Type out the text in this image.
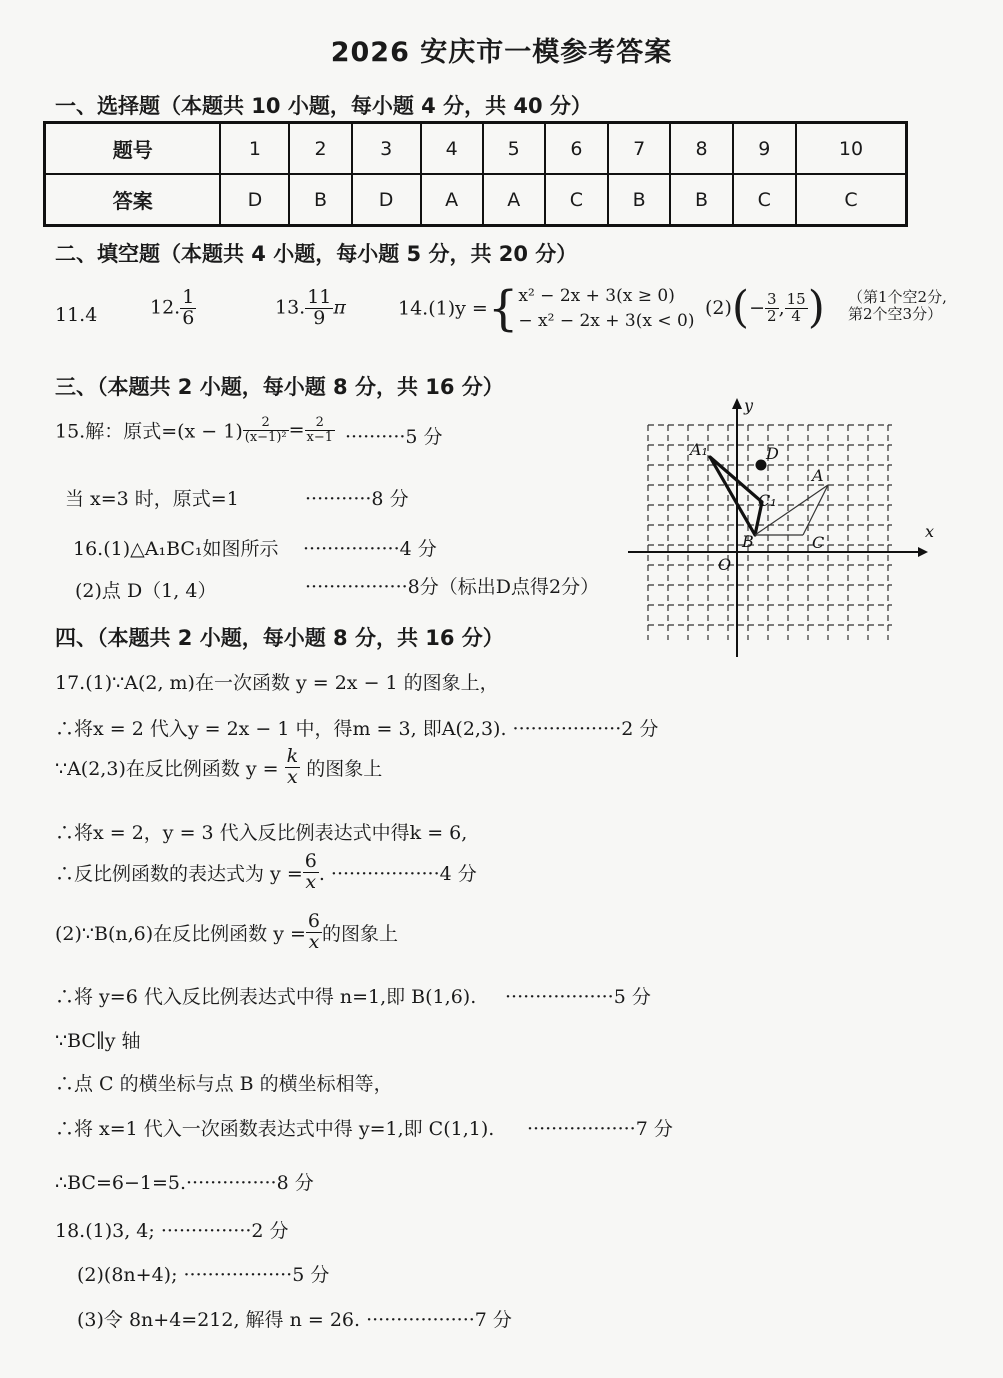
2026 安庆市一模参考答案
一、选择题（本题共 10 小题，每小题 4 分，共 40 分）
题号	1	2	3	4	5	6	7	8	9	10
答案	D	B	D	A	A	C	B	B	C	C
二、填空题（本题共 4 小题，每小题 5 分，共 20 分）
11.4	12. $\frac{1}{6}$	13. $\frac{11}{9}$ π	14.(1)y ={ x² − 2x + 3(x ≥ 0)
− x² − 2x + 3(x < 0)
$(2)(- \frac{3}{2}$ , $\frac{15}{4}$ ) （第1个空2分,
第2个空3分）
三、（本题共 2 小题，每小题 8 分，共 16 分）
15.解：原式$=(x - 1) \frac{2}{\text{(x−1)²}} = \frac{2}{x-1} \cdot\cdot\cdot\cdot\cdot\cdot\cdot\cdot\cdot\cdot 5$ 分
当 x=3 时，原式=1	···········8 分
16.(1)△A₁BC₁如图所示 ················4 分
(2)点 D（1, 4）	·················8分（标出D点得2分）
x
y
O
A₁	D
C₁
A
B	C
四、（本题共 2 小题，每小题 8 分，共 16 分）
17.(1)∵A(2, m)在一次函数 y = 2x − 1 的图象上，
∴将x = 2 代入y = 2x − 1 中，得m = 3, 即A(2,3). ··················2 分
∵A(2,3)在反比例函数 $y = \frac{k}{x}$ 的图象上
∴将x = 2，y = 3 代入反比例表达式中得k = 6,
∴反比例函数的表达式为 $y = \frac{6}{x}$ . ··················4 分
(2)∵B(n,6)在反比例函数 $y = \frac{6}{x}$ 的图象上
∴将 y=6 代入反比例表达式中得 n=1,即 B(1,6). ··················5 分
∵BC∥y 轴
∴点 C 的横坐标与点 B 的横坐标相等，
∴将 x=1 代入一次函数表达式中得 y=1,即 C(1,1). ··················7 分
∴BC=6−1=5.···············8 分
18.(1)3, 4; ···············2 分
(2)(8n+4); ··················5 分
(3)令 8n+4=212, 解得 n = 26. ··················7 分
